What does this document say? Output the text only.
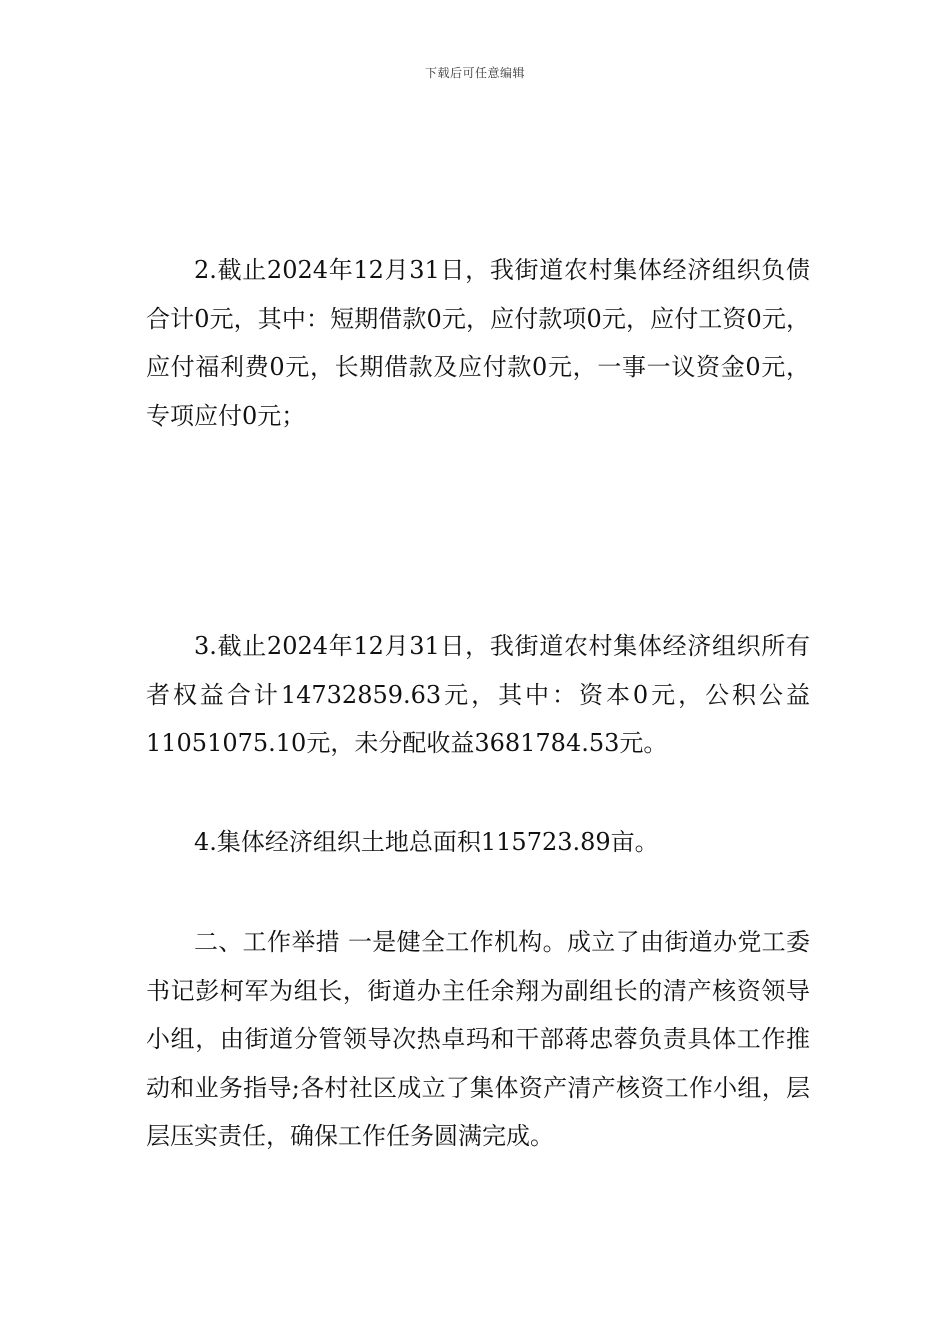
下载后可任意编辑

2.截止2024年12月31日，我街道农村集体经济组织负债合计0元，其中：短期借款0元，应付款项0元，应付工资0元，应付福利费0元，长期借款及应付款0元，一事一议资金0元，专项应付0元；

3.截止2024年12月31日，我街道农村集体经济组织所有者权益合计14732859.63元，其中：资本0元，公积公益11051075.10元，未分配收益3681784.53元。

4.集体经济组织土地总面积115723.89亩。

二、工作举措 一是健全工作机构。成立了由街道办党工委书记彭柯军为组长，街道办主任余翔为副组长的清产核资领导小组，由街道分管领导次热卓玛和干部蒋忠蓉负责具体工作推动和业务指导;各村社区成立了集体资产清产核资工作小组，层层压实责任，确保工作任务圆满完成。
